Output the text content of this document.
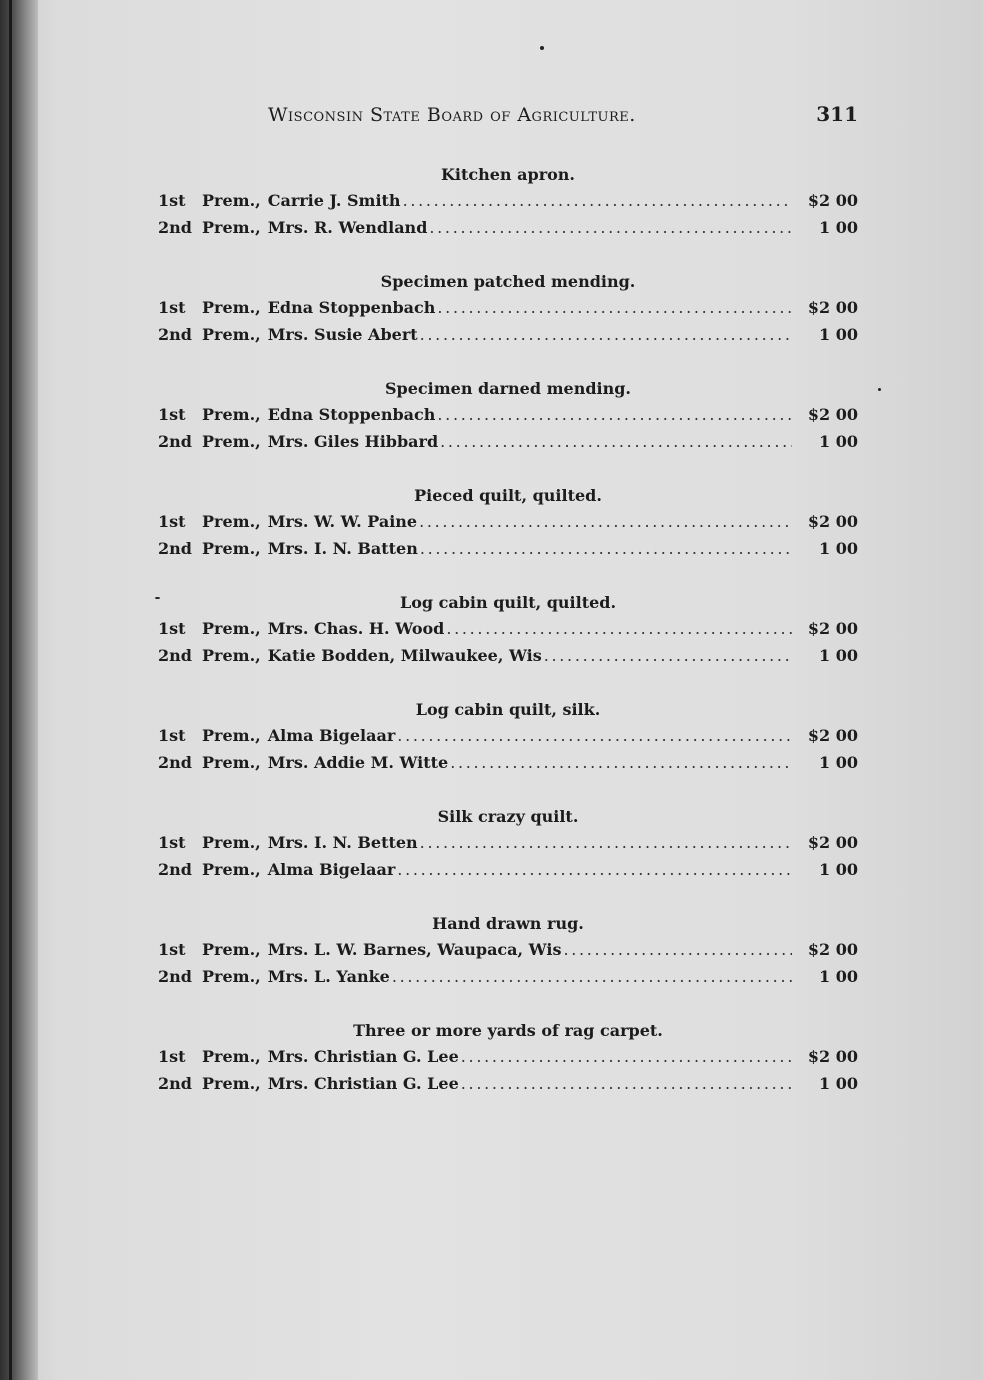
Wisconsin State Board of Agriculture.	311
Kitchen apron.
1st	Prem., Carrie J. Smith . . .	$2 00
2nd Prem., Mrs. R. Wendland . . .	1 00
Specimen patched mending.
1st	Prem., Edna Stoppenbach . . .	$2 00
2nd Prem., Mrs. Susie Abert . . .	1 00
Specimen darned mending.
1st	Prem., Edna Stoppenbach . . .	$2 00
2nd Prem., Mrs. Giles Hibbard . . .	1 00
Pieced quilt, quilted.
1st	Prem., Mrs. W. W. Paine . . .	$2 00
2nd Prem., Mrs. I. N. Batten . . .	1 00
Log cabin quilt, quilted.
1st	Prem., Mrs. Chas. H. Wood . . .	$2 00
2nd Prem., Katie Bodden, Milwaukee, Wis . . .	1 00
Log cabin quilt, silk.
1st	Prem., Alma Bigelaar . . .	$2 00
2nd Prem., Mrs. Addie M. Witte . . .	1 00
Silk crazy quilt.
1st	Prem., Mrs. I. N. Betten . . .	$2 00
2nd Prem., Alma Bigelaar . . .	1 00
Hand drawn rug.
1st	Prem., Mrs. L. W. Barnes, Waupaca, Wis . . .	$2 00
2nd Prem., Mrs. L. Yanke . . .	1 00
Three or more yards of rag carpet.
1st	Prem., Mrs. Christian G. Lee . . .	$2 00
2nd Prem., Mrs. Christian G. Lee . . .	1 00
